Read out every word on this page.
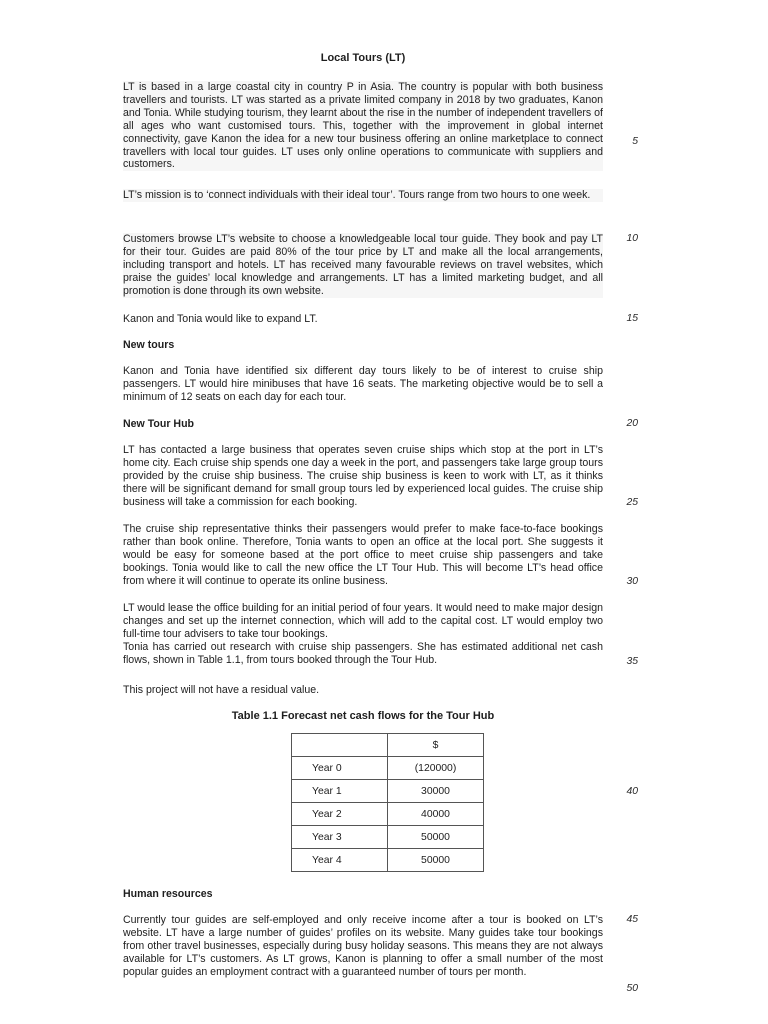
Local Tours (LT)

LT is based in a large coastal city in country P in Asia. The country is popular with both business travellers and tourists. LT was started as a private limited company in 2018 by two graduates, Kanon and Tonia. While studying tourism, they learnt about the rise in the number of independent travellers of all ages who want customised tours. This, together with the improvement in global internet connectivity, gave Kanon the idea for a new tour business offering an online marketplace to connect travellers with local tour guides. LT uses only online operations to communicate with suppliers and customers.

5

LT’s mission is to ‘connect individuals with their ideal tour’. Tours range from two hours to one week.

Customers browse LT’s website to choose a knowledgeable local tour guide. They book and pay LT for their tour. Guides are paid 80% of the tour price by LT and make all the local arrangements, including transport and hotels. LT has received many favourable reviews on travel websites, which praise the guides’ local knowledge and arrangements. LT has a limited marketing budget, and all promotion is done through its own website.

10

Kanon and Tonia would like to expand LT.	15
New tours

Kanon and Tonia have identified six different day tours likely to be of interest to cruise ship passengers. LT would hire minibuses that have 16 seats. The marketing objective would be to sell a minimum of 12 seats on each day for each tour.

New Tour Hub	20

LT has contacted a large business that operates seven cruise ships which stop at the port in LT’s home city. Each cruise ship spends one day a week in the port, and passengers take large group tours provided by the cruise ship business. The cruise ship business is keen to work with LT, as it thinks there will be significant demand for small group tours led by experienced local guides. The cruise ship business will take a commission for each booking.	25

The cruise ship representative thinks their passengers would prefer to make face-to-face bookings rather than book online. Therefore, Tonia wants to open an office at the local port. She suggests it would be easy for someone based at the port office to meet cruise ship passengers and take bookings. Tonia would like to call the new office the LT Tour Hub. This will become LT’s head office from where it will continue to operate its online business.	30

LT would lease the office building for an initial period of four years. It would need to make major design changes and set up the internet connection, which will add to the capital cost. LT would employ two full-time tour advisers to take tour bookings.

Tonia has carried out research with cruise ship passengers. She has estimated additional net cash flows, shown in Table 1.1, from tours booked through the Tour Hub.	35

This project will not have a residual value.

Table 1.1 Forecast net cash flows for the Tour Hub
	$
Year 0	(120000)
Year 1	30000
Year 2	40000
Year 3	50000
Year 4	50000
40
Human resources

Currently tour guides are self-employed and only receive income after a tour is booked on LT’s website. LT have a large number of guides’ profiles on its website. Many guides take tour bookings from other travel businesses, especially during busy holiday seasons. This means they are not always available for LT’s customers. As LT grows, Kanon is planning to offer a small number of the most popular guides an employment contract with a guaranteed number of tours per month.

45
50
